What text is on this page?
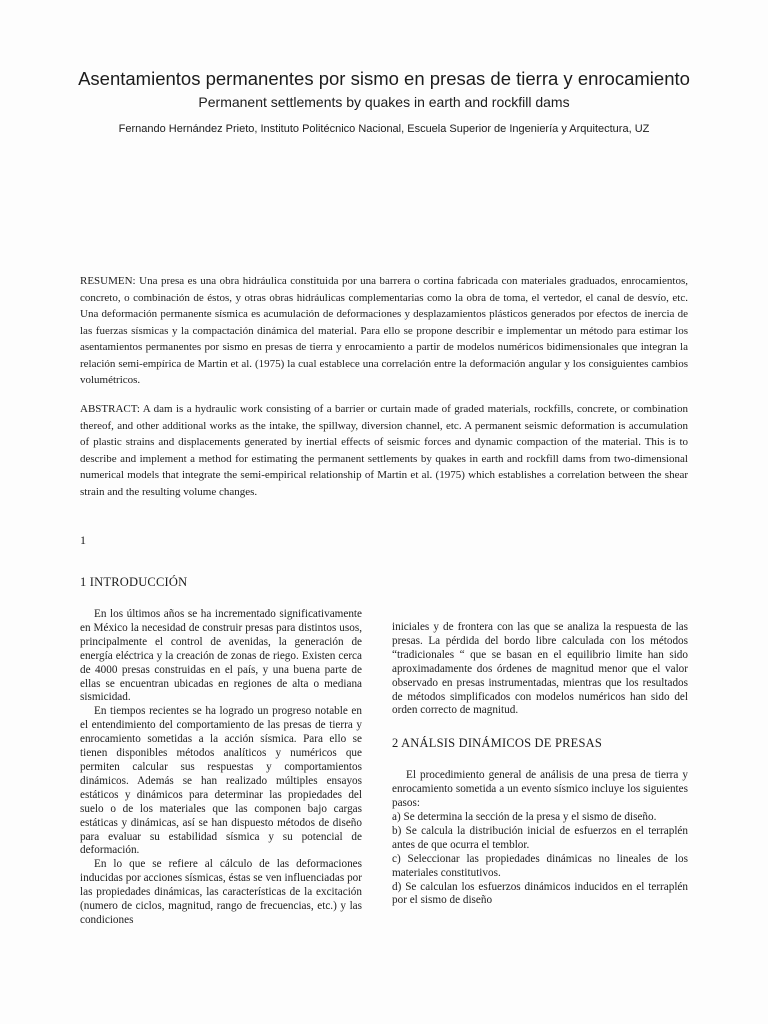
Asentamientos permanentes por sismo en presas de tierra y enrocamiento
Permanent settlements by quakes in earth and rockfill dams
Fernando Hernández Prieto, Instituto Politécnico Nacional, Escuela Superior de Ingeniería y Arquitectura, UZ
RESUMEN: Una presa es una obra hidráulica constituida por una barrera o cortina fabricada con materiales graduados, enrocamientos, concreto, o combinación de éstos, y otras obras hidráulicas complementarias como la obra de toma, el vertedor, el canal de desvío, etc. Una deformación permanente sísmica es acumulación de deformaciones y desplazamientos plásticos generados por efectos de inercia de las fuerzas sísmicas y la compactación dinámica del material. Para ello se propone describir e implementar un método para estimar los asentamientos permanentes por sismo en presas de tierra y enrocamiento a partir de modelos numéricos bidimensionales que integran la relación semi-empírica de Martin et al. (1975) la cual establece una correlación entre la deformación angular y los consiguientes cambios volumétricos.
ABSTRACT: A dam is a hydraulic work consisting of a barrier or curtain made of graded materials, rockfills, concrete, or combination thereof, and other additional works as the intake, the spillway, diversion channel, etc. A permanent seismic deformation is accumulation of plastic strains and displacements generated by inertial effects of seismic forces and dynamic compaction of the material. This is to describe and implement a method for estimating the permanent settlements by quakes in earth and rockfill dams from two-dimensional numerical models that integrate the semi-empirical relationship of Martin et al. (1975) which establishes a correlation between the shear strain and the resulting volume changes.
1
1 INTRODUCCIÓN

En los últimos años se ha incrementado significativamente en México la necesidad de construir presas para distintos usos, principalmente el control de avenidas, la generación de energía eléctrica y la creación de zonas de riego. Existen cerca de 4000 presas construidas en el país, y una buena parte de ellas se encuentran ubicadas en regiones de alta o mediana sismicidad.

En tiempos recientes se ha logrado un progreso notable en el entendimiento del comportamiento de las presas de tierra y enrocamiento sometidas a la acción sísmica. Para ello se tienen disponibles métodos analíticos y numéricos que permiten calcular sus respuestas y comportamientos dinámicos. Además se han realizado múltiples ensayos estáticos y dinámicos para determinar las propiedades del suelo o de los materiales que las componen bajo cargas estáticas y dinámicas, así se han dispuesto métodos de diseño para evaluar su estabilidad sísmica y su potencial de deformación.

En lo que se refiere al cálculo de las deformaciones inducidas por acciones sísmicas, éstas se ven influenciadas por las propiedades dinámicas, las características de la excitación (numero de ciclos, magnitud, rango de frecuencias, etc.) y las condiciones

iniciales y de frontera con las que se analiza la respuesta de las presas. La pérdida del bordo libre calculada con los métodos “tradicionales “ que se basan en el equilibrio limite han sido aproximadamente dos órdenes de magnitud menor que el valor observado en presas instrumentadas, mientras que los resultados de métodos simplificados con modelos numéricos han sido del orden correcto de magnitud.

2 ANÁLSIS DINÁMICOS DE PRESAS

El procedimiento general de análisis de una presa de tierra y enrocamiento sometida a un evento sísmico incluye los siguientes pasos:

a) Se determina la sección de la presa y el sismo de diseño.
b) Se calcula la distribución inicial de esfuerzos en el terraplén antes de que ocurra el temblor.
c) Seleccionar las propiedades dinámicas no lineales de los materiales constitutivos.
d) Se calculan los esfuerzos dinámicos inducidos en el terraplén por el sismo de diseño
